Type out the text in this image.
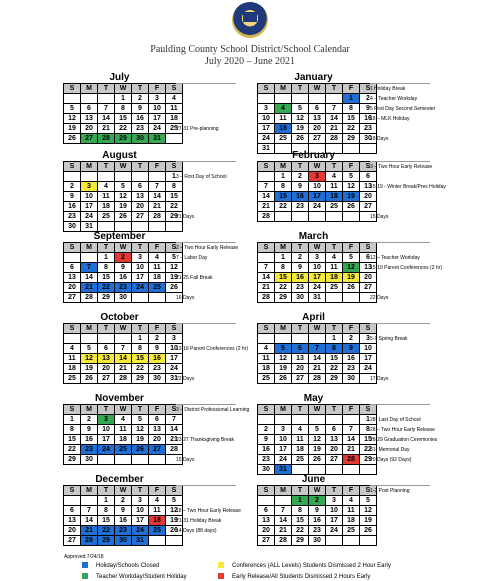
Paulding County School District/School Calendar
July 2020 – June 2021
July
S	M	T	W	T	F	S
			1	2	3	4
5	6	7	8	9	10	11
12	13	14	15	16	17	18
19	20	21	22	23	24	25
26	27	28	29	30	31	
27-31 Pre-planning
August
S	M	T	W	T	F	S
						1
2	3	4	5	6	7	8
9	10	11	12	13	14	15
16	17	18	19	20	21	22
23	24	25	26	27	28	29
30	31					
3 – First Day of School
21 Days
September
S	M	T	W	T	F	S
		1	2	3	4	5
6	7	8	9	10	11	12
13	14	15	16	17	18	19
20	21	22	23	24	25	26
27	28	29	30			
2 – Two Hour Early Release
7 – Labor Day
21-25 Fall Break
16 Days
October
S	M	T	W	T	F	S
				1	2	3
4	5	6	7	8	9	10
11	12	13	14	15	16	17
18	19	20	21	22	23	24
25	26	27	28	29	30	31
12-16 Parent Conferences (2 hr)
22 Days
November
S	M	T	W	T	F	S
1	2	3	4	5	6	7
8	9	10	11	12	13	14
15	16	17	18	19	20	21
22	23	24	25	26	27	28
29	30					
3 – District Professional Learning
23-27 Thanksgiving Break
15 Days
December
S	M	T	W	T	F	S
		1	2	3	4	5
6	7	8	9	10	11	12
13	14	15	16	17	18	19
20	21	22	23	24	25	26
27	28	29	30	31		
18 – Two Hour Early Release
21-31 Holiday Break
14 Days (88 days)
January
S	M	T	W	T	F	S
					1	2
3	4	5	6	7	8	9
10	11	12	13	14	15	16
17	18	19	20	21	22	23
24	25	26	27	28	29	30
31						
1 Holiday Break
4 – Teacher Workday
5 First Day Second Semester
18 – MLK Holiday
18 Days
February
S	M	T	W	T	F	S
	1	2	3	4	5	6
7	8	9	10	11	12	13
14	15	16	17	18	19	20
21	22	23	24	25	26	27
28						
3 – Two Hour Early Release
15-19 - Winter Break/Pres Holiday
15 Days
March
S	M	T	W	T	F	S
	1	2	3	4	5	6
7	8	9	10	11	12	13
14	15	16	17	18	19	20
21	22	23	24	25	26	27
28	29	30	31			
12 – Teacher Workday
15-19 Parent Conferences (2 hr)
22 Days
April
S	M	T	W	T	F	S
				1	2	3
4	5	6	7	8	9	10
11	12	13	14	15	16	17
18	19	20	21	22	23	24
25	26	27	28	29	30	
5-9 Spring Break
17 Days
May
S	M	T	W	T	F	S
						1
2	3	4	5	6	7	8
9	10	11	12	13	14	15
16	17	18	19	20	21	22
23	24	25	26	27	28	29
30	31					
28- Last Day of School
28 – Two Hour Early Release
28-29 Graduation Ceremonies
31- Memorial Day
20 Days (92 Days)
June
S	M	T	W	T	F	S
		1	2	3	4	5
6	7	8	9	10	11	12
13	14	15	16	17	18	19
20	21	22	23	24	25	26
27	28	29	30			
1-2 Post Planning
Approved 7/24/18
Holiday/Schools Closed	Conferences (ALL Levels) Students Dismissed 2 Hour Early
Teacher Workday/Student Holiday	Early Release/All Students Dismissed 2 Hours Early
